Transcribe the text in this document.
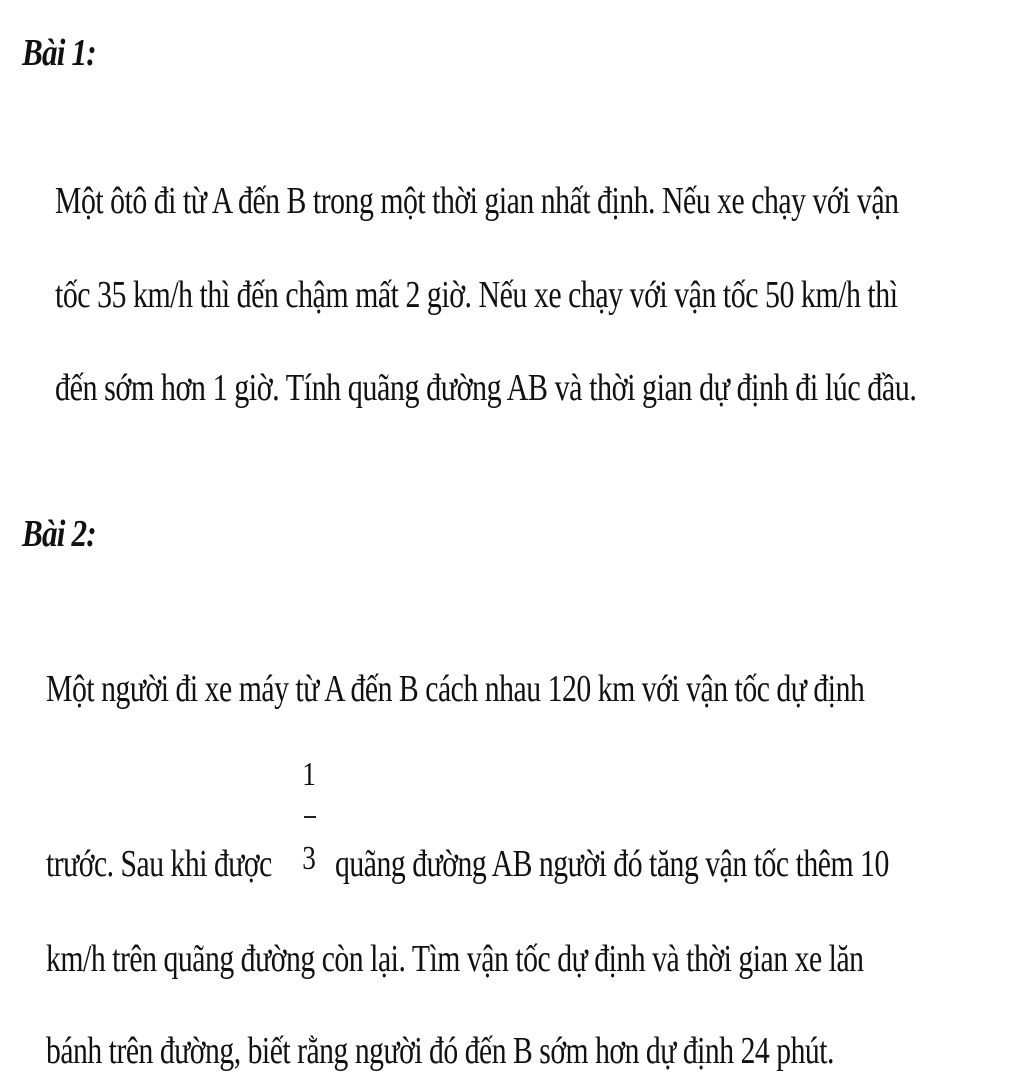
Bài 1:
Một ôtô đi từ A đến B trong một thời gian nhất định. Nếu xe chạy với vận
tốc 35 km/h thì đến chậm mất 2 giờ. Nếu xe chạy với vận tốc 50 km/h thì
đến sớm hơn 1 giờ. Tính quãng đường AB và thời gian dự định đi lúc đầu.
Bài 2:
Một người đi xe máy từ A đến B cách nhau 120 km với vận tốc dự định
trước. Sau khi được
1
3 quãng đường AB người đó tăng vận tốc thêm 10
km/h trên quãng đường còn lại. Tìm vận tốc dự định và thời gian xe lăn
bánh trên đường, biết rằng người đó đến B sớm hơn dự định 24 phút.
